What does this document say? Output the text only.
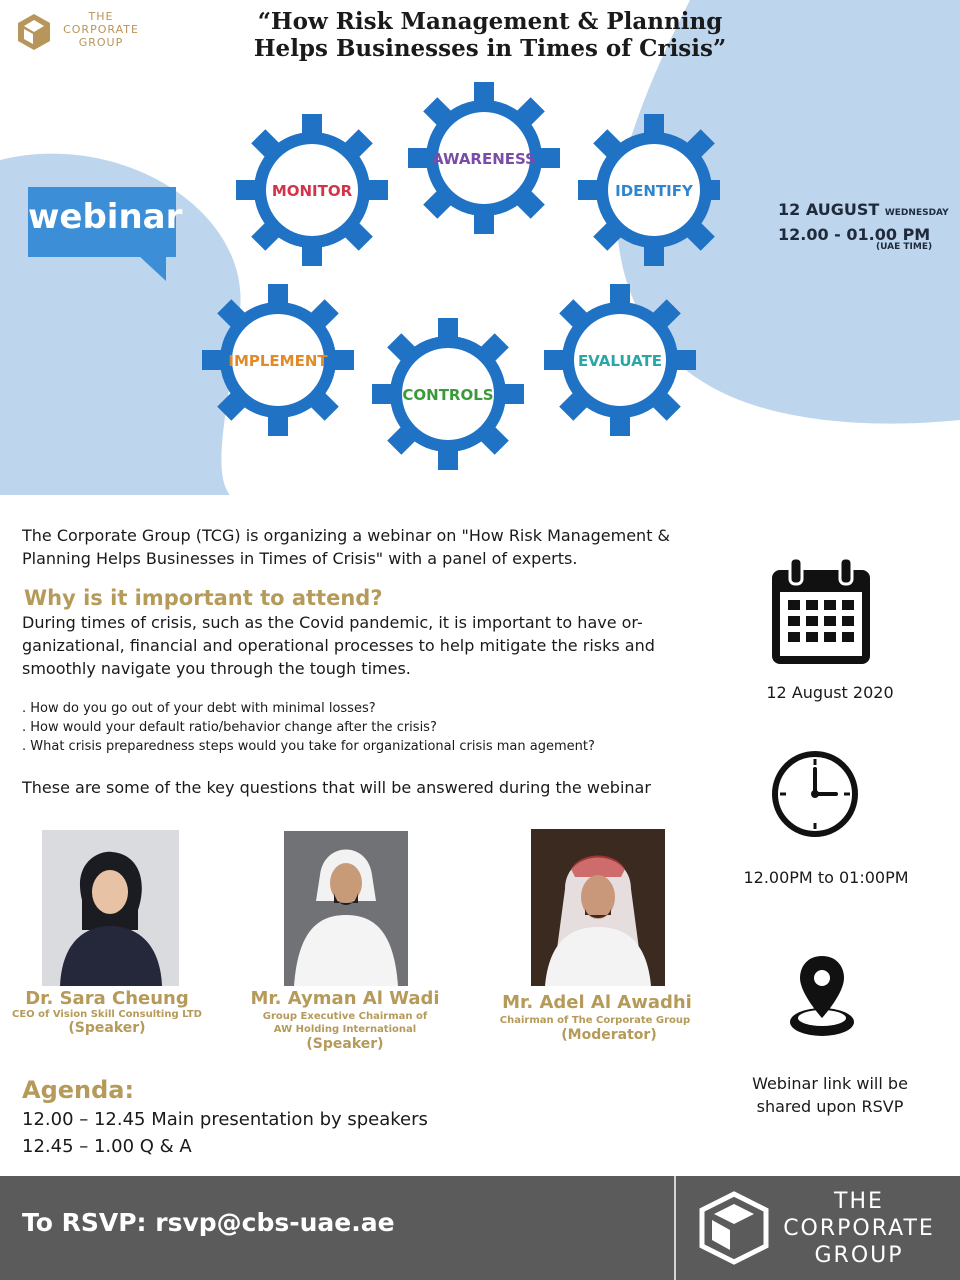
THE
CORPORATE
GROUP
“How Risk Management & Planning
Helps Businesses in Times of Crisis”
MONITOR
AWARENESS
IDENTIFY
IMPLEMENT
CONTROLS
EVALUATE
webinar	12 AUGUST WEDNESDAY
12.00 - 01.00 PM
(UAE TIME)
The Corporate Group (TCG) is organizing a webinar on "How Risk Management & Planning Helps Businesses in Times of Crisis" with a panel of experts.
Why is it important to attend?
During times of crisis, such as the Covid pandemic, it is important to have or-ganizational, financial and operational processes to help mitigate the risks and smoothly navigate you through the tough times.
. How do you go out of your debt with minimal losses?
. How would your default ratio/behavior change after the crisis?
. What crisis preparedness steps would you take for organizational crisis man agement?
These are some of the key questions that will be answered during the webinar
12 August 2020
12.00PM to 01:00PM
Webinar link will be
shared upon RSVP
Dr. Sara Cheung
CEO of Vision Skill Consulting LTD
(Speaker)
Mr. Ayman Al Wadi
Group Executive Chairman of
AW Holding International
(Speaker)
Mr. Adel Al Awadhi
Chairman of The Corporate Group
(Moderator)
Agenda:
12.00 – 12.45 Main presentation by speakers
12.45 – 1.00 Q & A
To RSVP: rsvp@cbs-uae.ae
THE
CORPORATE
GROUP
